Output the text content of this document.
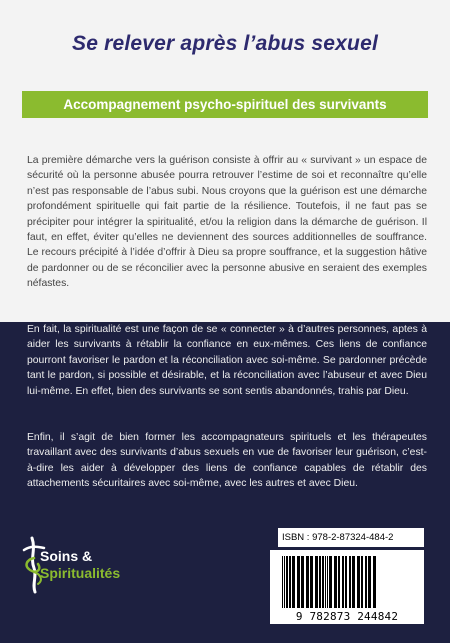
Se relever après l’abus sexuel
Accompagnement psycho-spirituel des survivants

La première démarche vers la guérison consiste à offrir au « survivant » un espace de sécurité où la personne abusée pourra retrouver l’estime de soi et reconnaître qu’elle n’est pas responsable de l’abus subi. Nous croyons que la guérison est une démarche profondément spirituelle qui fait partie de la résilience. Toutefois, il ne faut pas se précipiter pour intégrer la spiritualité, et/ou la religion dans la démarche de guérison. Il faut, en effet, éviter qu’elles ne deviennent des sources additionnelles de souffrance. Le recours précipité à l’idée d’offrir à Dieu sa propre souffrance, et la suggestion hâtive de pardonner ou de se réconcilier avec la personne abusive en seraient des exemples néfastes.

En fait, la spiritualité est une façon de se « connecter » à d’autres personnes, aptes à aider les survivants à rétablir la confiance en eux-mêmes. Ces liens de confiance pourront favoriser le pardon et la réconciliation avec soi-même. Se pardonner précède tant le pardon, si possible et désirable, et la réconciliation avec l’abuseur et avec Dieu lui-même. En effet, bien des survivants se sont sentis abandonnés, trahis par Dieu.

Enfin, il s’agit de bien former les accompagnateurs spirituels et les thérapeutes travaillant avec des survivants d’abus sexuels en vue de favoriser leur guérison, c’est-à-dire les aider à développer des liens de confiance capables de rétablir des attachements sécuritaires avec soi-même, avec les autres et avec Dieu.

Soins &
Spiritualités
ISBN : 978-2-87324-484-2
9 782873 244842
